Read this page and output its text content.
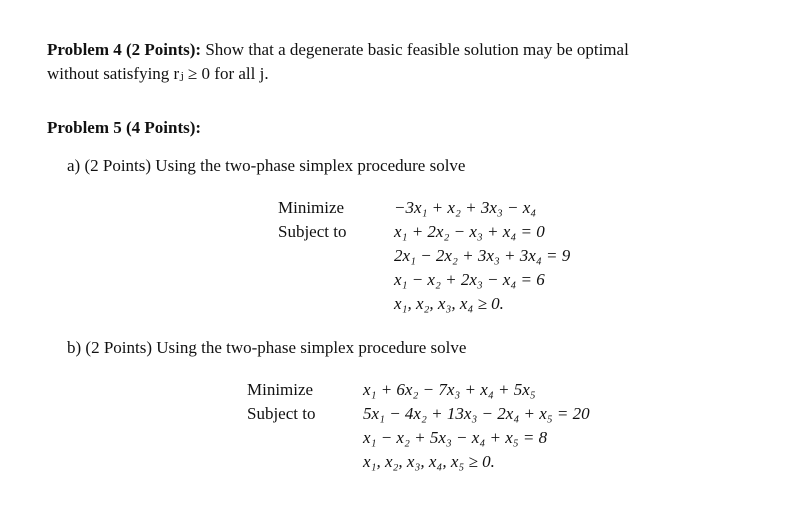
Problem 4 (2 Points): Show that a degenerate basic feasible solution may be optimal
without satisfying rⱼ ≥ 0 for all j.
Problem 5 (4 Points):
a) (2 Points) Using the two-phase simplex procedure solve
Minimize
Subject to
−3x₁ + x₂ + 3x₃ − x₄
x₁ + 2x₂ − x₃ + x₄ = 0
2x₁ − 2x₂ + 3x₃ + 3x₄ = 9
x₁ − x₂ + 2x₃ − x₄ = 6
x₁, x₂, x₃, x₄ ≥ 0.
b) (2 Points) Using the two-phase simplex procedure solve
Minimize
Subject to
x₁ + 6x₂ − 7x₃ + x₄ + 5x₅
5x₁ − 4x₂ + 13x₃ − 2x₄ + x₅ = 20
x₁ − x₂ + 5x₃ − x₄ + x₅ = 8
x₁, x₂, x₃, x₄, x₅ ≥ 0.
